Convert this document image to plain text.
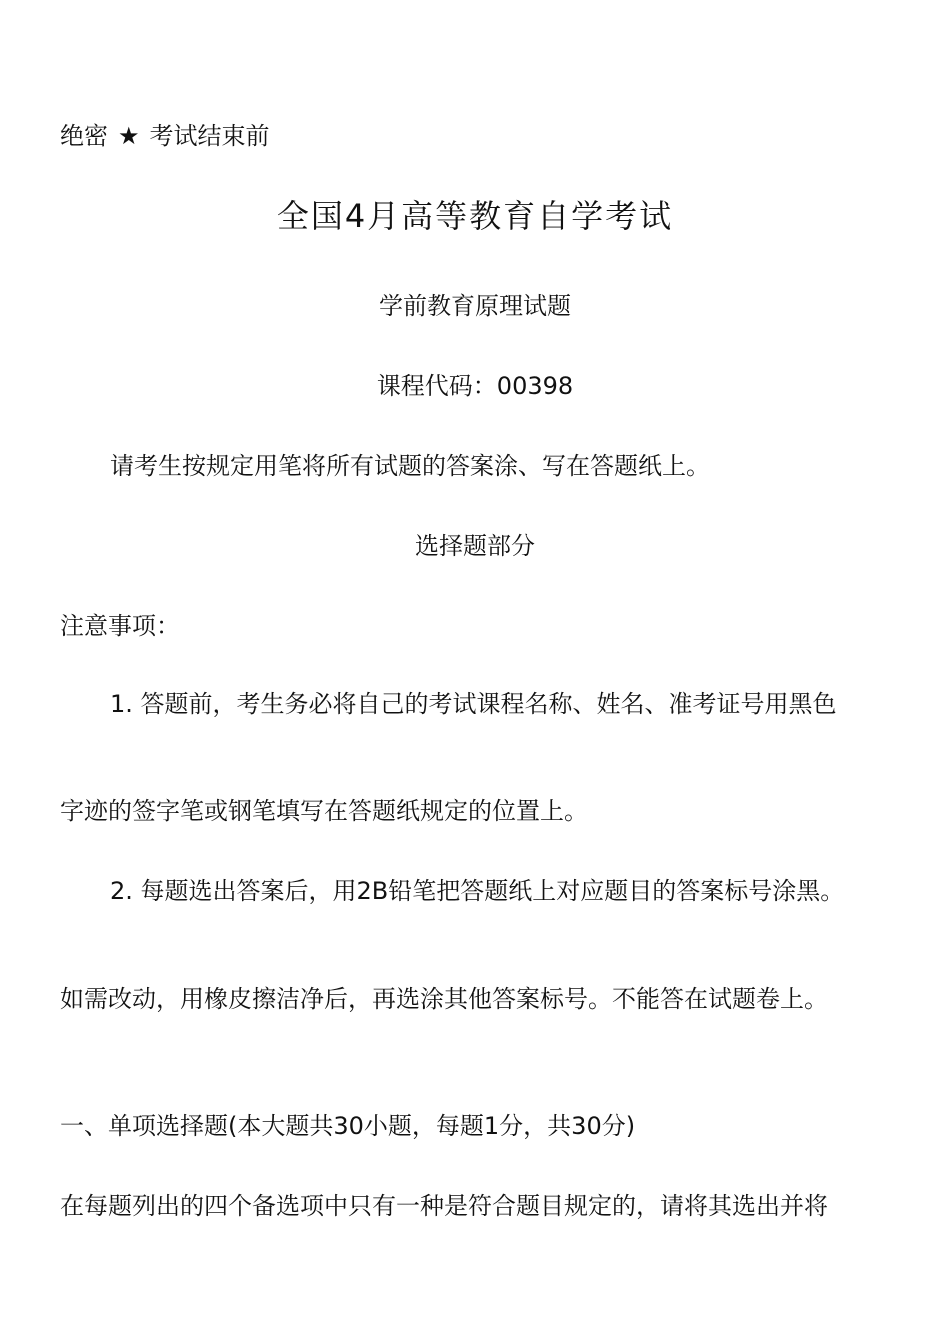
绝密 ★ 考试结束前
全国4月高等教育自学考试
学前教育原理试题
课程代码：00398
请考生按规定用笔将所有试题的答案涂、写在答题纸上。
选择题部分
注意事项：
1. 答题前，考生务必将自己的考试课程名称、姓名、准考证号用黑色
字迹的签字笔或钢笔填写在答题纸规定的位置上。
2. 每题选出答案后，用2B铅笔把答题纸上对应题目的答案标号涂黑。
如需改动，用橡皮擦洁净后，再选涂其他答案标号。不能答在试题卷上。
一、单项选择题(本大题共30小题，每题1分，共30分)
在每题列出的四个备选项中只有一种是符合题目规定的，请将其选出并将
